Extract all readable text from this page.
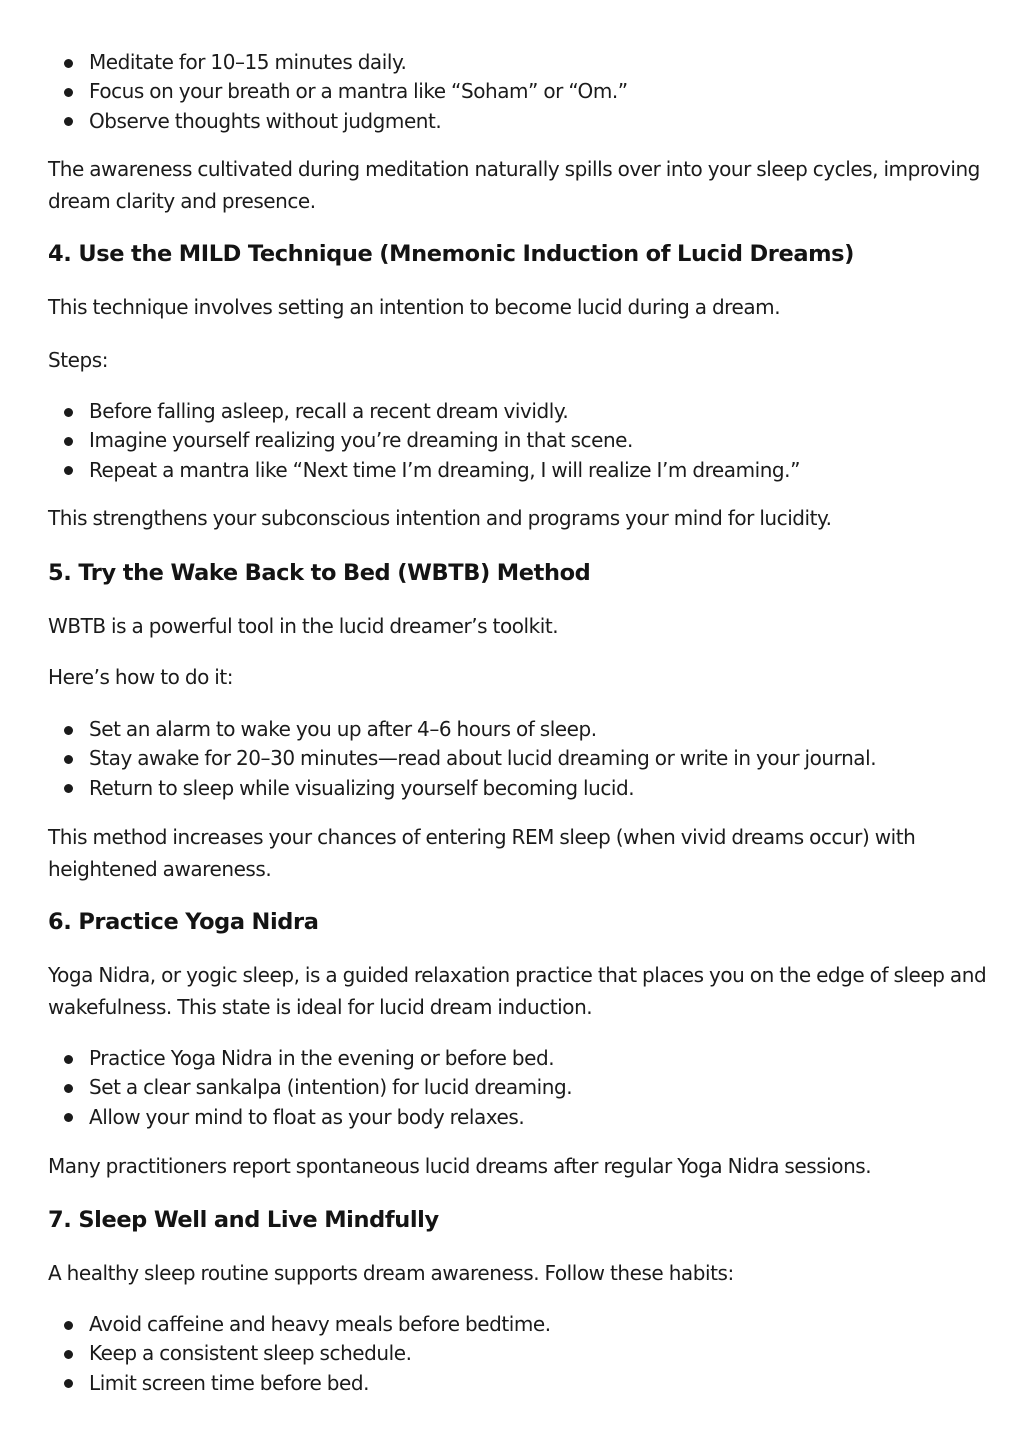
Meditate for 10–15 minutes daily.
Focus on your breath or a mantra like “Soham” or “Om.”
Observe thoughts without judgment.

The awareness cultivated during meditation naturally spills over into your sleep cycles, improving dream clarity and presence.

4. Use the MILD Technique (Mnemonic Induction of Lucid Dreams)

This technique involves setting an intention to become lucid during a dream.

Steps:

Before falling asleep, recall a recent dream vividly.
Imagine yourself realizing you’re dreaming in that scene.
Repeat a mantra like “Next time I’m dreaming, I will realize I’m dreaming.”

This strengthens your subconscious intention and programs your mind for lucidity.

5. Try the Wake Back to Bed (WBTB) Method

WBTB is a powerful tool in the lucid dreamer’s toolkit.

Here’s how to do it:

Set an alarm to wake you up after 4–6 hours of sleep.
Stay awake for 20–30 minutes—read about lucid dreaming or write in your journal.
Return to sleep while visualizing yourself becoming lucid.

This method increases your chances of entering REM sleep (when vivid dreams occur) with heightened awareness.

6. Practice Yoga Nidra

Yoga Nidra, or yogic sleep, is a guided relaxation practice that places you on the edge of sleep and wakefulness. This state is ideal for lucid dream induction.

Practice Yoga Nidra in the evening or before bed.
Set a clear sankalpa (intention) for lucid dreaming.
Allow your mind to float as your body relaxes.

Many practitioners report spontaneous lucid dreams after regular Yoga Nidra sessions.

7. Sleep Well and Live Mindfully

A healthy sleep routine supports dream awareness. Follow these habits:

Avoid caffeine and heavy meals before bedtime.
Keep a consistent sleep schedule.
Limit screen time before bed.
